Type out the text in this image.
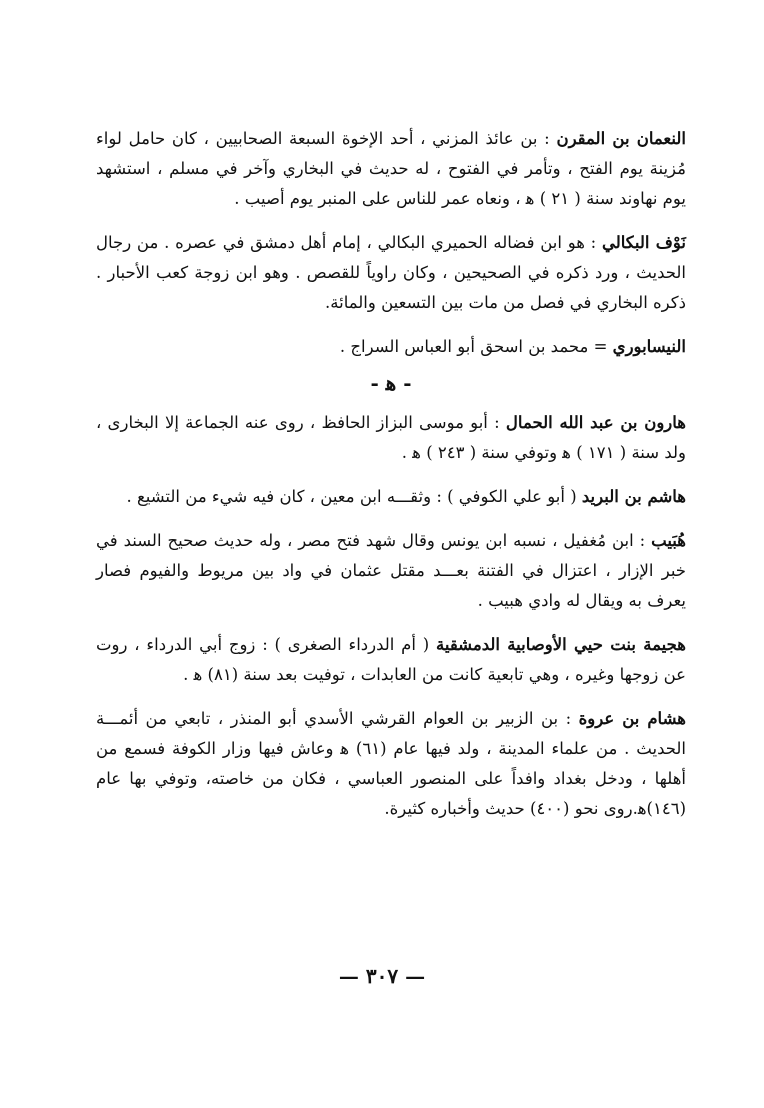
النعمان بن المقرن : بن عائذ المزني ، أحد الإخوة السبعة الصحابيين ، كان حامل لواء مُزينة يوم الفتح ، وتأمر في الفتوح ، له حديث في البخاري وآخر في مسلم ، استشهد يوم نهاوند سنة ( ٢١ ) ﻫ ، ونعاه عمر للناس على المنبر يوم أصيب .

نَوْف البكالي : هو ابن فضاله الحميري البكالي ، إمام أهل دمشق في عصره . من رجال الحديث ، ورد ذكره في الصحيحين ، وكان راوياً للقصص . وهو ابن زوجة كعب الأحبار . ذكره البخاري في فصل من مات بين التسعين والمائة.

النيسابوري = محمد بن اسحق أبو العباس السراج .

- ﻫ -

هارون بن عبد الله الحمال : أبو موسى البزاز الحافظ ، روى عنه الجماعة إلا البخارى ، ولد سنة ( ١٧١ ) ﻫ وتوفي سنة ( ٢٤٣ ) ﻫ .

هاشم بن البريد ( أبو علي الكوفي ) : وثقـــه ابن معين ، كان فيه شيء من التشيع .

هُبَيب : ابن مُغفيل ، نسبه ابن يونس وقال شهد فتح مصر ، وله حديث صحيح السند في خبر الإزار ، اعتزال في الفتنة بعـــد مقتل عثمان في واد بين مريوط والفيوم فصار يعرف به ويقال له وادي هبيب .

هجيمة بنت حيي الأوصابية الدمشقية ( أم الدرداء الصغرى ) : زوج أبي الدرداء ، روت عن زوجها وغيره ، وهي تابعية كانت من العابدات ، توفيت بعد سنة (٨١) ﻫ .

هشام بن عروة : بن الزبير بن العوام القرشي الأسدي أبو المنذر ، تابعي من أئمـــة الحديث . من علماء المدينة ، ولد فيها عام (٦١) ﻫ وعاش فيها وزار الكوفة فسمع من أهلها ، ودخل بغداد وافداً على المنصور العباسي ، فكان من خاصته، وتوفي بها عام (١٤٦)ﻫ.روى نحو (٤٠٠) حديث وأخباره كثيرة.

— ٣٠٧ —
